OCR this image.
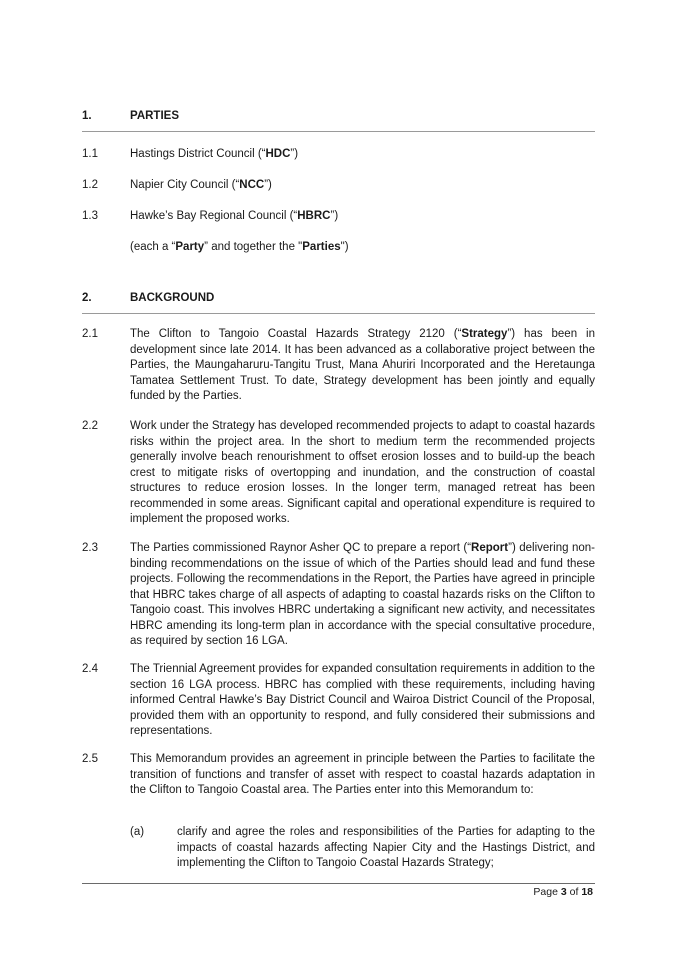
1.	PARTIES
1.1	Hastings District Council (“HDC”)
1.2	Napier City Council (“NCC”)
1.3	Hawke’s Bay Regional Council (“HBRC”)
(each a “Party” and together the "Parties")
2.	BACKGROUND
2.1	The Clifton to Tangoio Coastal Hazards Strategy 2120 (“Strategy”) has been in development since late 2014. It has been advanced as a collaborative project between the Parties, the Maungaharuru-Tangitu Trust, Mana Ahuriri Incorporated and the Heretaunga Tamatea Settlement Trust. To date, Strategy development has been jointly and equally funded by the Parties.
2.2	Work under the Strategy has developed recommended projects to adapt to coastal hazards risks within the project area. In the short to medium term the recommended projects generally involve beach renourishment to offset erosion losses and to build-up the beach crest to mitigate risks of overtopping and inundation, and the construction of coastal structures to reduce erosion losses. In the longer term, managed retreat has been recommended in some areas. Significant capital and operational expenditure is required to implement the proposed works.
2.3	The Parties commissioned Raynor Asher QC to prepare a report (“Report”) delivering non-binding recommendations on the issue of which of the Parties should lead and fund these projects. Following the recommendations in the Report, the Parties have agreed in principle that HBRC takes charge of all aspects of adapting to coastal hazards risks on the Clifton to Tangoio coast. This involves HBRC undertaking a significant new activity, and necessitates HBRC amending its long-term plan in accordance with the special consultative procedure, as required by section 16 LGA.
2.4	The Triennial Agreement provides for expanded consultation requirements in addition to the section 16 LGA process. HBRC has complied with these requirements, including having informed Central Hawke’s Bay District Council and Wairoa District Council of the Proposal, provided them with an opportunity to respond, and fully considered their submissions and representations.
2.5	This Memorandum provides an agreement in principle between the Parties to facilitate the transition of functions and transfer of asset with respect to coastal hazards adaptation in the Clifton to Tangoio Coastal area. The Parties enter into this Memorandum to:
(a)	clarify and agree the roles and responsibilities of the Parties for adapting to the impacts of coastal hazards affecting Napier City and the Hastings District, and implementing the Clifton to Tangoio Coastal Hazards Strategy;
Page 3 of 18
